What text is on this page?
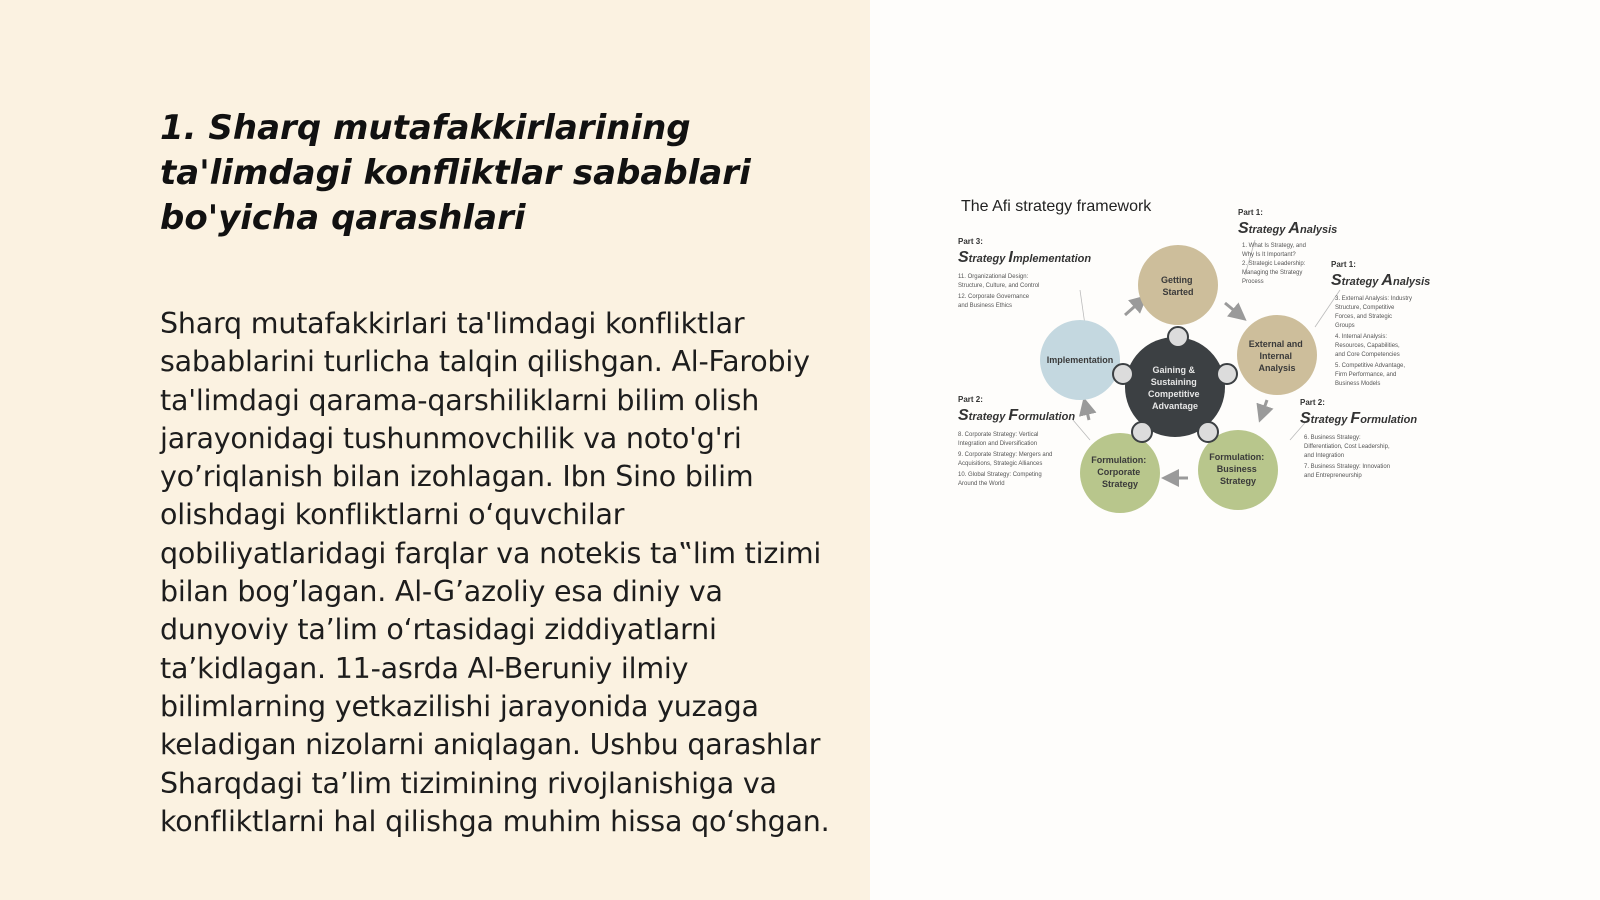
1. Sharq mutafakkirlarining ta'limdagi konfliktlar sabablari bo'yicha qarashlari

Sharq mutafakkirlari ta'limdagi konfliktlar sabablarini turlicha talqin qilishgan. Al-Farobiy ta'limdagi qarama-qarshiliklarni bilim olish jarayonidagi tushunmovchilik va noto'g'ri yo’riqlanish bilan izohlagan. Ibn Sino bilim olishdagi konfliktlarni o‘quvchilar qobiliyatlaridagi farqlar va notekis ta‟lim tizimi bilan bog’lagan. Al-G’azoliy esa diniy va dunyoviy ta’lim o‘rtasidagi ziddiyatlarni ta’kidlagan. 11-asrda Al-Beruniy ilmiy bilimlarning yetkazilishi jarayonida yuzaga keladigan nizolarni aniqlagan. Ushbu qarashlar Sharqdagi ta’lim tizimining rivojlanishiga va konfliktlarni hal qilishga muhim hissa qo‘shgan.

The Afi strategy framework
Getting Started
External and Internal Analysis
Formulation: Business Strategy
Formulation: Corporate Strategy
Implementation
Gaining & Sustaining Competitive Advantage
Part 1:
Strategy Analysis
1. What Is Strategy, and Why Is It Important? 2. Strategic Leadership: Managing the Strategy Process
Part 1:
Strategy Analysis
3. External Analysis: Industry Structure, Competitive Forces, and Strategic Groups 4. Internal Analysis: Resources, Capabilities, and Core Competencies 5. Competitive Advantage, Firm Performance, and Business Models
Part 2:
Strategy Formulation
6. Business Strategy: Differentiation, Cost Leadership, and Integration 7. Business Strategy: Innovation and Entrepreneurship
Part 2:
Strategy Formulation
8. Corporate Strategy: Vertical Integration and Diversification 9. Corporate Strategy: Mergers and Acquisitions, Strategic Alliances 10. Global Strategy: Competing Around the World
Part 3:
Strategy Implementation
11. Organizational Design: Structure, Culture, and Control 12. Corporate Governance and Business Ethics
